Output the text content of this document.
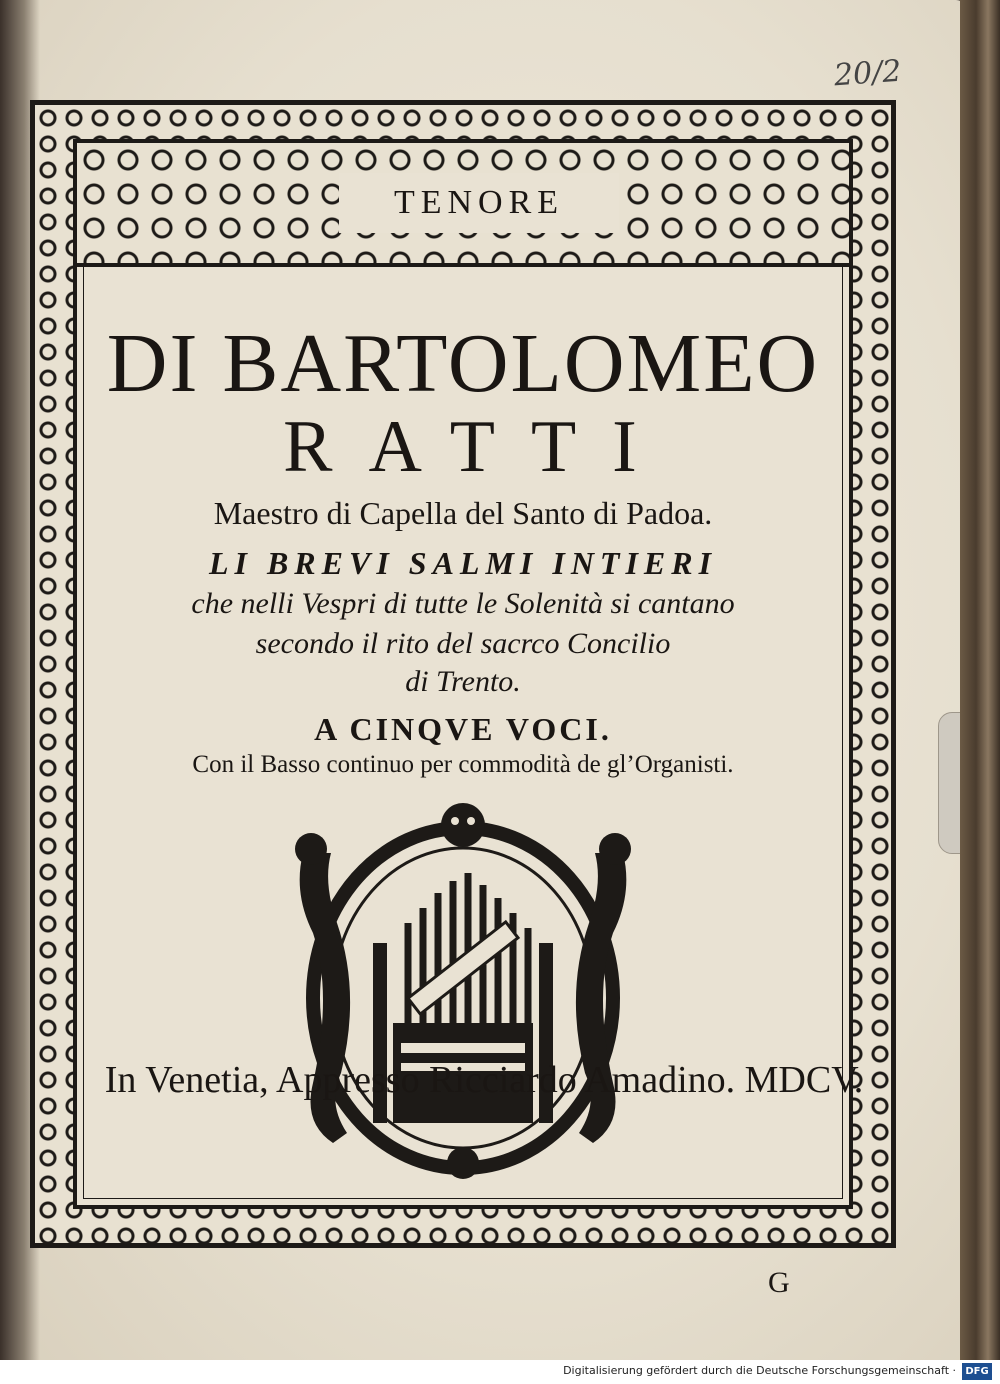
20/2
TENORE
DI BARTOLOMEO
RATTI
Maestro di Capella del Santo di Padoa.
LI BREVI SALMI INTIERI
che nelli Vespri di tutte le Solenità si cantano
secondo il rito del sacrco Concilio
di Trento.
A CINQVE VOCI.
Con il Basso continuo per commodità de gl’Organisti.
In Venetia, Appresso Ricciardo Amadino. MDCV.
G
Digitalisierung gefördert durch die Deutsche Forschungsgemeinschaft · DFG
